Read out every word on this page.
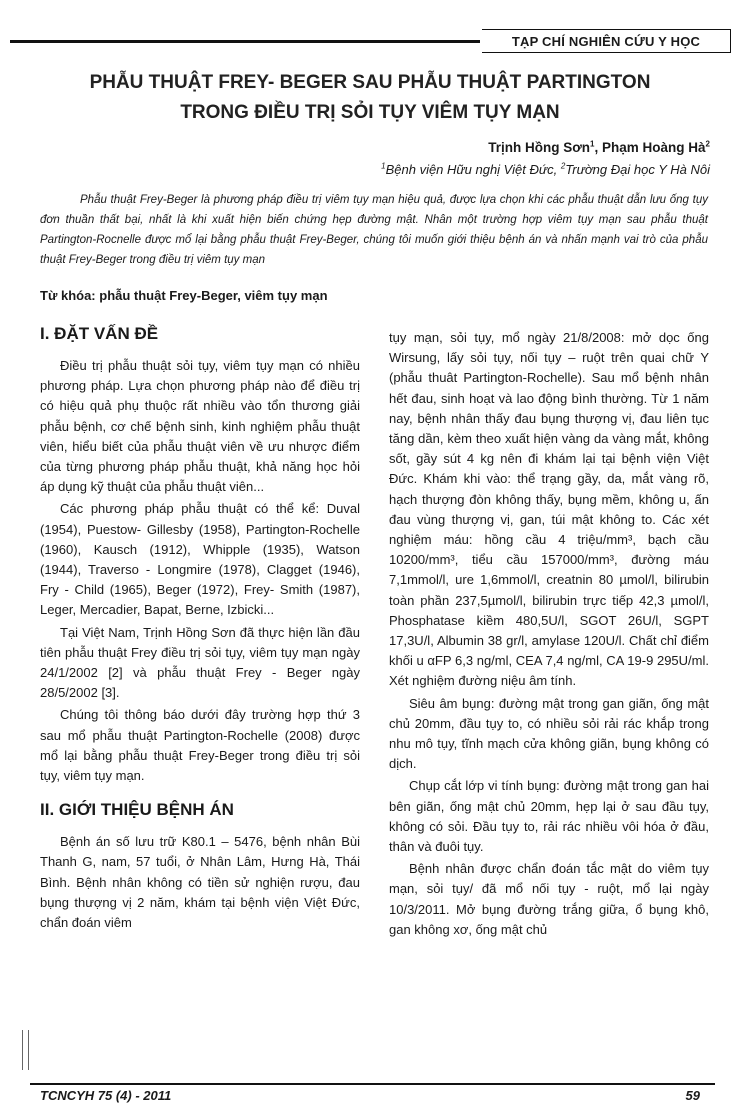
TẠP CHÍ NGHIÊN CỨU Y HỌC
PHẪU THUẬT FREY- BEGER SAU PHẪU THUẬT PARTINGTON
TRONG ĐIỀU TRỊ SỎI TỤY VIÊM TỤY MẠN
Trịnh Hồng Sơn$^1$, Phạm Hoàng $Hà^2$
$^1$Bệnh viện Hữu nghị Việt Đức, $^2$Trường Đại học Y Hà Nôi
Phẫu thuật Frey-Beger là phương pháp điều trị viêm tụy mạn hiệu quả, được lựa chọn khi các phẫu thuật dẫn lưu ống tụy đơn thuần thất bại, nhất là khi xuất hiện biến chứng hẹp đường mật. Nhân một trường hợp viêm tụy mạn sau phẫu thuật Partington-Rocnelle được mổ lại bằng phẫu thuật Frey-Beger, chúng tôi muốn giới thiệu bệnh án và nhấn mạnh vai trò của phẫu thuật Frey-Beger trong điều trị viêm tụy mạn
Từ khóa: phẫu thuật Frey-Beger, viêm tụy mạn
I. ĐẶT VẤN ĐỀ

Điều trị phẫu thuật sỏi tụy, viêm tụy mạn có nhiều phương pháp. Lựa chọn phương pháp nào để điều trị có hiệu quả phụ thuộc rất nhiều vào tổn thương giải phẫu bệnh, cơ chế bệnh sinh, kinh nghiệm phẫu thuật viên, hiểu biết của phẫu thuật viên về ưu nhược điểm của từng phương pháp phẫu thuật, khả năng học hỏi áp dụng kỹ thuật của phẫu thuật viên...

Các phương pháp phẫu thuật có thể kể: Duval (1954), Puestow- Gillesby (1958), Partington-Rochelle (1960), Kausch (1912), Whipple (1935), Watson (1944), Traverso - Longmire (1978), Clagget (1946), Fry - Child (1965), Beger (1972), Frey- Smith (1987), Leger, Mercadier, Bapat, Berne, Izbicki...

Tại Việt Nam, Trịnh Hồng Sơn đã thực hiện lần đầu tiên phẫu thuật Frey điều trị sỏi tụy, viêm tụy mạn ngày 24/1/2002 [2] và phẫu thuật Frey - Beger ngày 28/5/2002 [3].

Chúng tôi thông báo dưới đây trường hợp thứ 3 sau mổ phẫu thuật Partington-Rochelle (2008) được mổ lại bằng phẫu thuật Frey-Beger trong điều trị sỏi tụy, viêm tụy mạn.

II. GIỚI THIỆU BỆNH ÁN

Bệnh án số lưu trữ K80.1 – 5476, bệnh nhân Bùi Thanh G, nam, 57 tuổi, ở Nhân Lâm, Hưng Hà, Thái Bình. Bệnh nhân không có tiền sử nghiện rượu, đau bụng thượng vị 2 năm, khám tại bệnh viện Việt Đức, chẩn đoán viêm

tụy mạn, sỏi tụy, mổ ngày 21/8/2008: mở dọc ống Wirsung, lấy sỏi tụy, nối tụy – ruột trên quai chữ Y (phẫu thuât Partington-Rochelle). Sau mổ bệnh nhân hết đau, sinh hoạt và lao động bình thường. Từ 1 năm nay, bệnh nhân thấy đau bụng thượng vị, đau liên tục tăng dần, kèm theo xuất hiện vàng da vàng mắt, không sốt, gầy sút 4 kg nên đi khám lại tại bệnh viện Việt Đức. Khám khi vào: thể trạng gầy, da, mắt vàng rõ, hạch thượng đòn không thấy, bụng mềm, không u, ấn đau vùng thượng vị, gan, túi mật không to. Các xét nghiệm máu: hồng cầu 4 triệu/mm³, bạch cầu 10200/mm³, tiểu cầu 157000/mm³, đường máu 7,1mmol/l, ure 1,6mmol/l, creatnin 80 µmol/l, bilirubin toàn phần 237,5µmol/l, bilirubin trực tiếp 42,3 µmol/l, Phosphatase kiềm 480,5U/l, SGOT 26U/l, SGPT 17,3U/l, Albumin 38 gr/l, amylase 120U/l. Chất chỉ điểm khối u αFP 6,3 ng/ml, CEA 7,4 ng/ml, CA 19-9 295U/ml. Xét nghiệm đường niệu âm tính.

Siêu âm bụng: đường mật trong gan giãn, ống mật chủ 20mm, đầu tụy to, có nhiều sỏi rải rác khắp trong nhu mô tụy, tĩnh mạch cửa không giãn, bụng không có dịch.

Chụp cắt lớp vi tính bụng: đường mật trong gan hai bên giãn, ống mật chủ 20mm, hẹp lại ở sau đầu tụy, không có sỏi. Đầu tụy to, rải rác nhiều vôi hóa ở đầu, thân và đuôi tụy.

Bệnh nhân được chẩn đoán tắc mật do viêm tụy mạn, sỏi tụy/ đã mổ nối tụy - ruột, mổ lại ngày 10/3/2011. Mở bụng đường trắng giữa, ổ bụng khô, gan không xơ, ống mật chủ

TCNCYH 75 (4) - 2011	59
